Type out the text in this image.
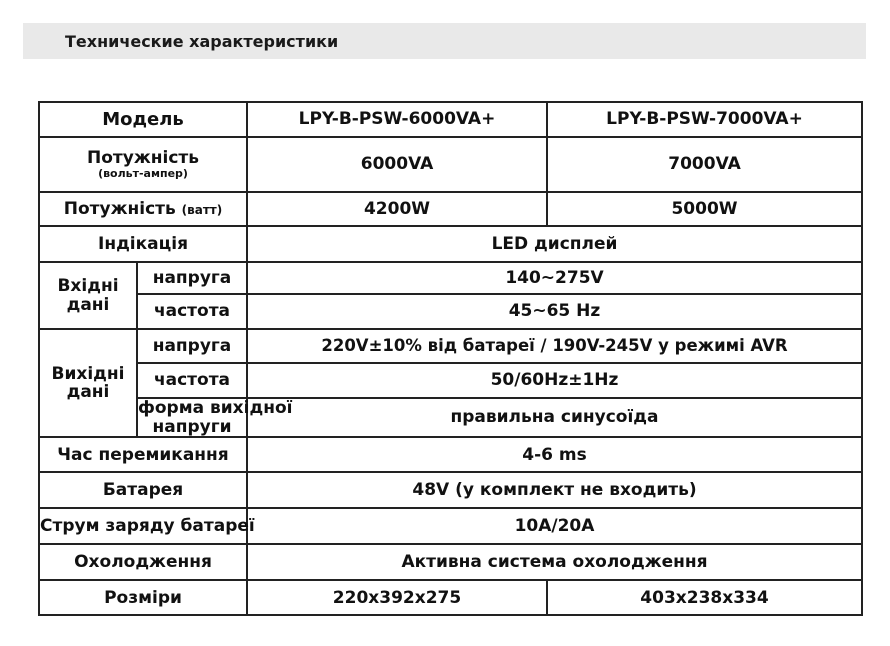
Технические характеристики
Модель		LPY-B-PSW-6000VA+	LPY-B-PSW-7000VA+

Потужність
(вольт-ампер)		6000VA	7000VA
Потужність (ватт)		4200W	5000W
Індікація		LED дисплей	

Вхідні
дані	напруга	140~275V	
	частота	45~65 Hz	

Вихідні
дані	напруга	220V±10% від батареї / 190V-245V у режимі AVR	
	частота	50/60Hz±1Hz	

	форма вихідної
напруги	правильна синусоїда	
Час перемикання		4-6 ms	
Батарея		48V (у комплект не входить)	
Струм заряду батареї		10A/20A	
Охолодження		Активна система охолодження	
Розміри		220x392x275	403x238x334
